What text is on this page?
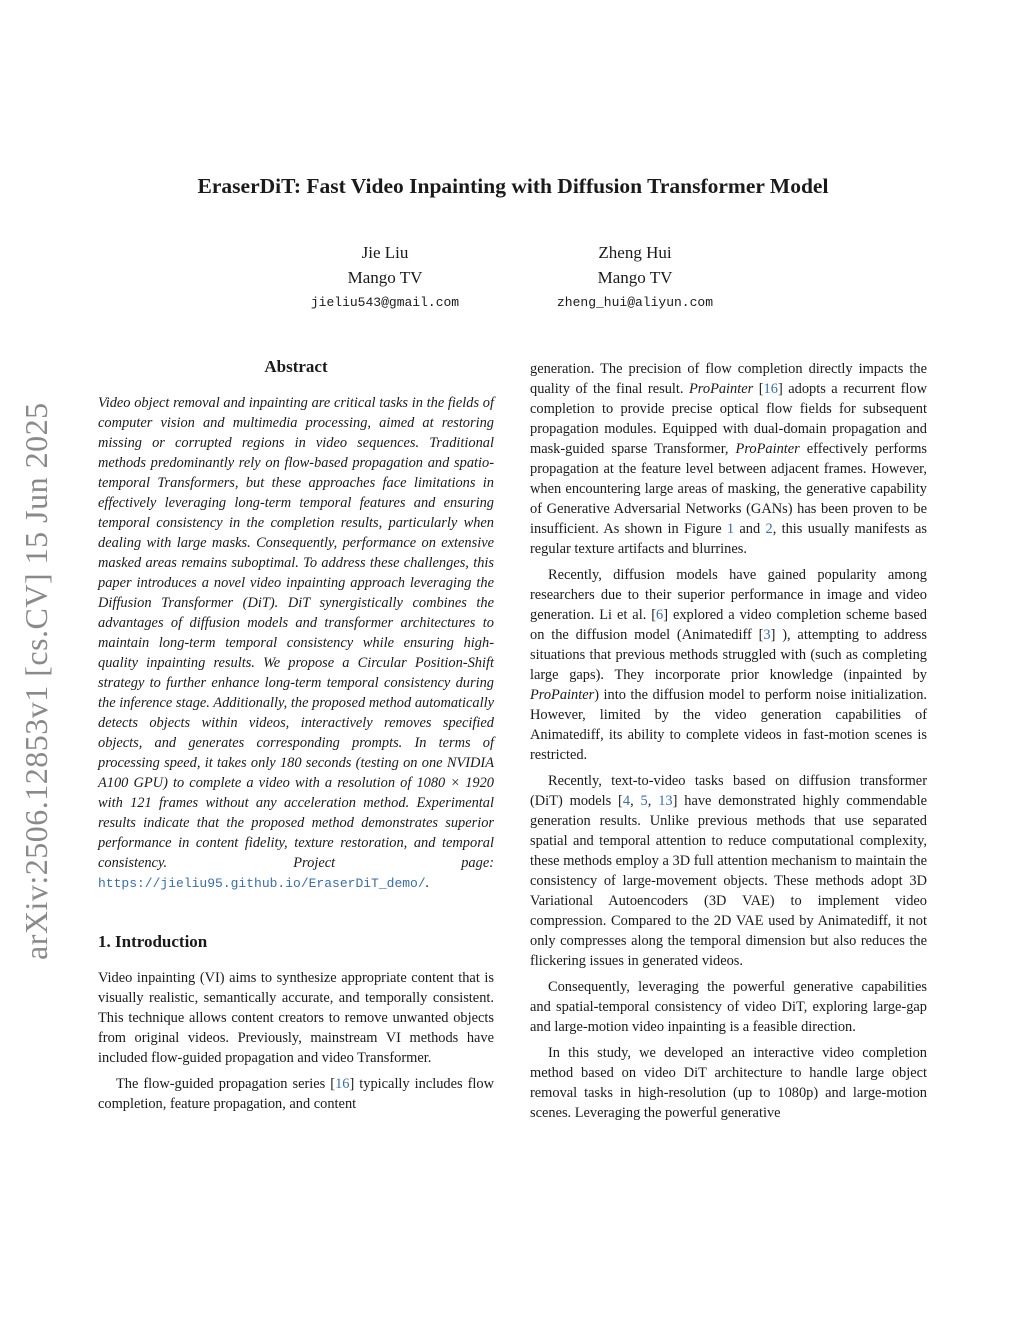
arXiv:2506.12853v1 [cs.CV] 15 Jun 2025
EraserDiT: Fast Video Inpainting with Diffusion Transformer Model
Jie Liu
Mango TV
jieliu543@gmail.com
Zheng Hui
Mango TV
zheng_hui@aliyun.com
Abstract

Video object removal and inpainting are critical tasks in the fields of computer vision and multimedia processing, aimed at restoring missing or corrupted regions in video sequences. Traditional methods predominantly rely on flow-based propagation and spatio-temporal Transformers, but these approaches face limitations in effectively leveraging long-term temporal features and ensuring temporal consistency in the completion results, particularly when dealing with large masks. Consequently, performance on extensive masked areas remains suboptimal. To address these challenges, this paper introduces a novel video inpainting approach leveraging the Diffusion Transformer (DiT). DiT synergistically combines the advantages of diffusion models and transformer architectures to maintain long-term temporal consistency while ensuring high-quality inpainting results. We propose a Circular Position-Shift strategy to further enhance long-term temporal consistency during the inference stage. Additionally, the proposed method automatically detects objects within videos, interactively removes specified objects, and generates corresponding prompts. In terms of processing speed, it takes only 180 seconds (testing on one NVIDIA A100 GPU) to complete a video with a resolution of 1080 × 1920 with 121 frames without any acceleration method. Experimental results indicate that the proposed method demonstrates superior performance in content fidelity, texture restoration, and temporal consistency. Project page: https://jieliu95.github.io/EraserDiT_demo/.

1. Introduction

Video inpainting (VI) aims to synthesize appropriate content that is visually realistic, semantically accurate, and temporally consistent. This technique allows content creators to remove unwanted objects from original videos. Previously, mainstream VI methods have included flow-guided propagation and video Transformer.

The flow-guided propagation series [16] typically includes flow completion, feature propagation, and content

generation. The precision of flow completion directly impacts the quality of the final result. ProPainter [16] adopts a recurrent flow completion to provide precise optical flow fields for subsequent propagation modules. Equipped with dual-domain propagation and mask-guided sparse Transformer, ProPainter effectively performs propagation at the feature level between adjacent frames. However, when encountering large areas of masking, the generative capability of Generative Adversarial Networks (GANs) has been proven to be insufficient. As shown in Figure 1 and 2, this usually manifests as regular texture artifacts and blurrines.

Recently, diffusion models have gained popularity among researchers due to their superior performance in image and video generation. Li et al. [6] explored a video completion scheme based on the diffusion model (Animatediff [3] ), attempting to address situations that previous methods struggled with (such as completing large gaps). They incorporate prior knowledge (inpainted by ProPainter) into the diffusion model to perform noise initialization. However, limited by the video generation capabilities of Animatediff, its ability to complete videos in fast-motion scenes is restricted.

Recently, text-to-video tasks based on diffusion transformer (DiT) models [4, 5, 13] have demonstrated highly commendable generation results. Unlike previous methods that use separated spatial and temporal attention to reduce computational complexity, these methods employ a 3D full attention mechanism to maintain the consistency of large-movement objects. These methods adopt 3D Variational Autoencoders (3D VAE) to implement video compression. Compared to the 2D VAE used by Animatediff, it not only compresses along the temporal dimension but also reduces the flickering issues in generated videos.

Consequently, leveraging the powerful generative capabilities and spatial-temporal consistency of video DiT, exploring large-gap and large-motion video inpainting is a feasible direction.

In this study, we developed an interactive video completion method based on video DiT architecture to handle large object removal tasks in high-resolution (up to 1080p) and large-motion scenes. Leveraging the powerful generative
